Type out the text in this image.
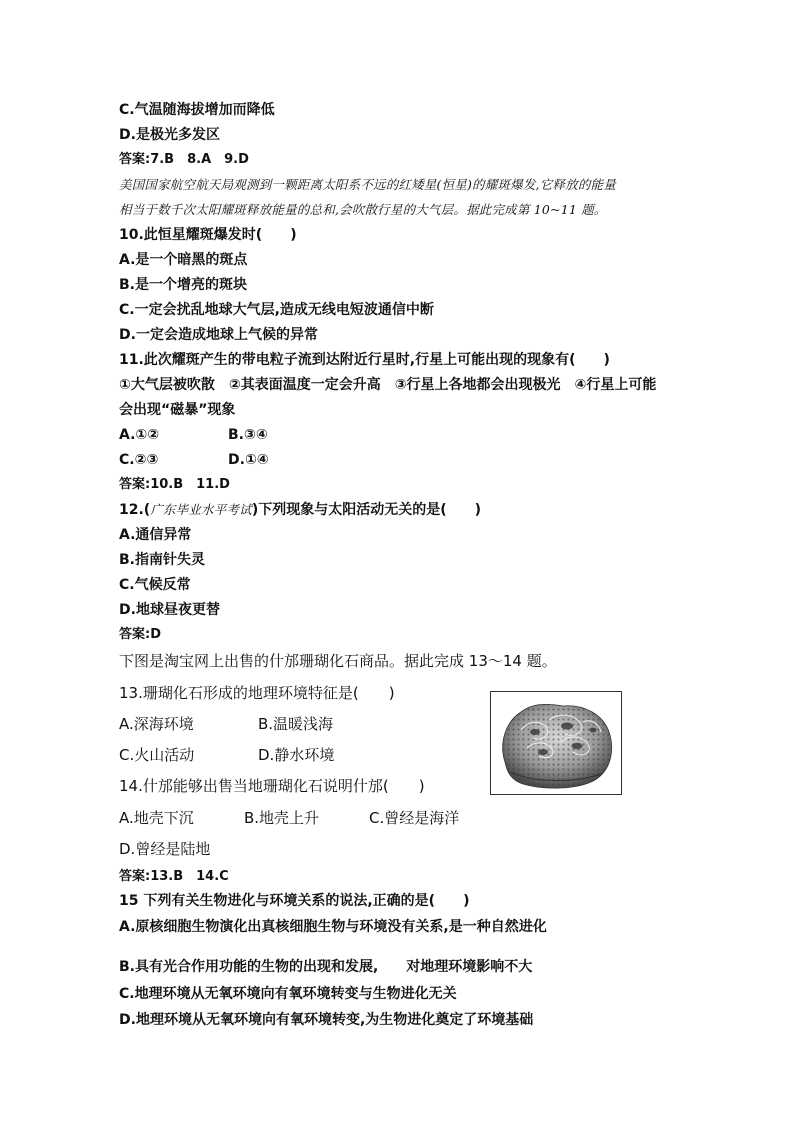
C.气温随海拔增加而降低
D.是极光多发区
答案:7.B　8.A　9.D
美国国家航空航天局观测到一颗距离太阳系不远的红矮星(恒星)的耀斑爆发,它释放的能量
相当于数千次太阳耀斑释放能量的总和,会吹散行星的大气层。据此完成第 10~11 题。
10.此恒星耀斑爆发时(　　)
A.是一个暗黑的斑点
B.是一个增亮的斑块
C.一定会扰乱地球大气层,造成无线电短波通信中断
D.一定会造成地球上气候的异常
11.此次耀斑产生的带电粒子流到达附近行星时,行星上可能出现的现象有(　　)
①大气层被吹散　②其表面温度一定会升高　③行星上各地都会出现极光　④行星上可能
会出现“磁暴”现象
A.①②	B.③④
C.②③	D.①④
答案:10.B　11.D
12.(广东毕业水平考试)下列现象与太阳活动无关的是(　　)
A.通信异常
B.指南针失灵
C.气候反常
D.地球昼夜更替
答案:D
下图是淘宝网上出售的什邡珊瑚化石商品。据此完成 13～14 题。
13.珊瑚化石形成的地理环境特征是(　　)
A.深海环境	B.温暖浅海
C.火山活动	D.静水环境
14.什邡能够出售当地珊瑚化石说明什邡(　　)
A.地壳下沉	B.地壳上升	C.曾经是海洋
D.曾经是陆地
答案:13.B　14.C
15 下列有关生物进化与环境关系的说法,正确的是(　　)
A.原核细胞生物演化出真核细胞生物与环境没有关系,是一种自然进化
B.具有光合作用功能的生物的出现和发展,　　对地理环境影响不大
C.地理环境从无氧环境向有氧环境转变与生物进化无关
D.地理环境从无氧环境向有氧环境转变,为生物进化奠定了环境基础
